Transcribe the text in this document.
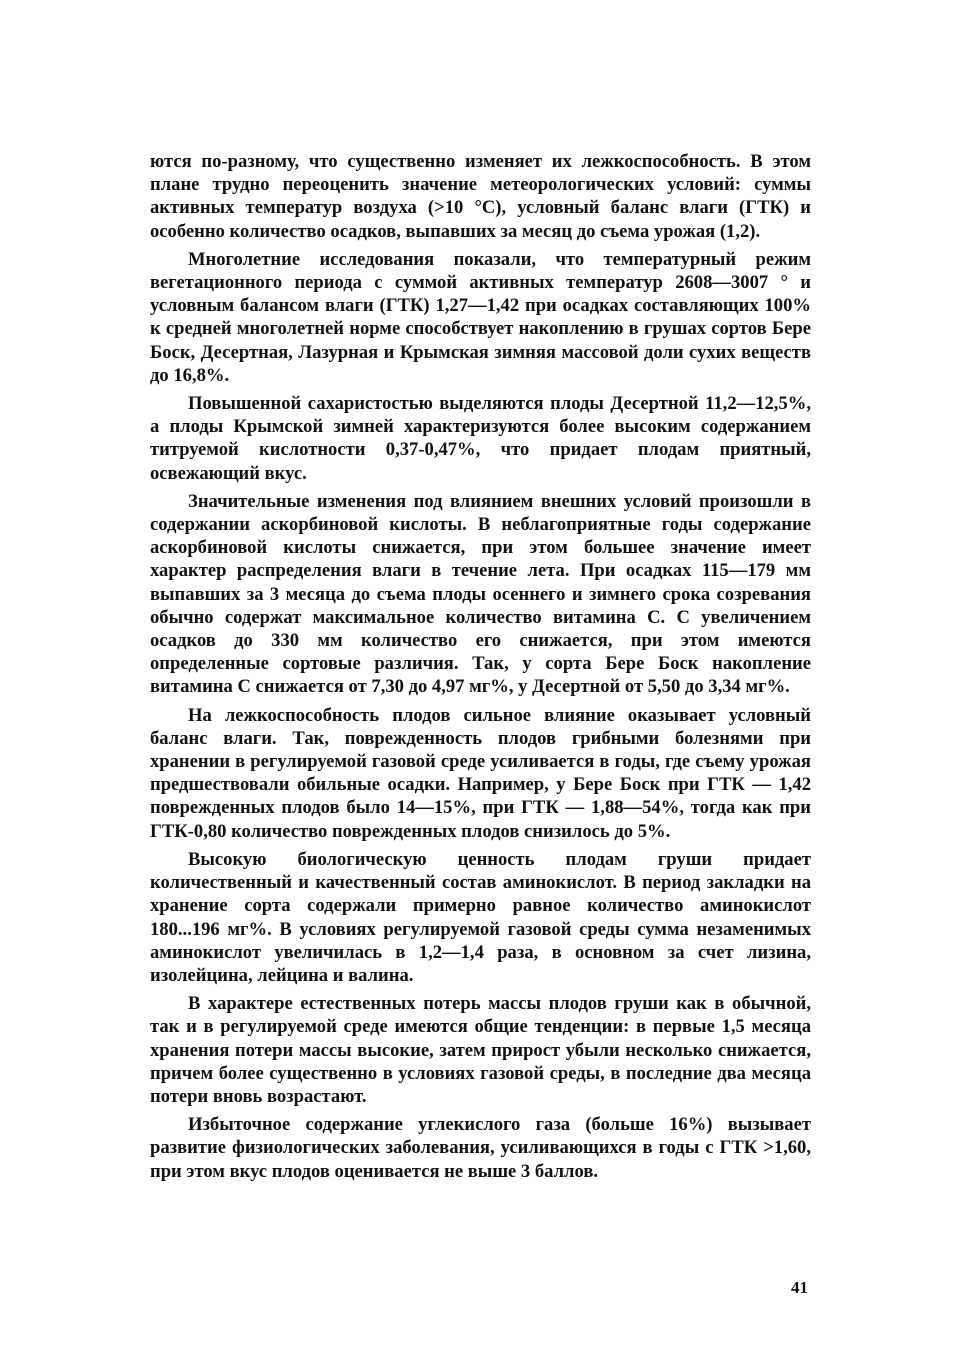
ются по-разному, что существенно изменяет их лежкоспособность. В этом плане трудно переоценить значение метеорологических условий: суммы активных температур воздуха (>10 °С), условный баланс влаги (ГТК) и особенно количество осадков, выпавших за месяц до съема урожая (1,2).

Многолетние исследования показали, что температурный режим вегетационного периода с суммой активных температур 2608—3007 ° и условным балансом влаги (ГТК) 1,27—1,42 при осадках составляющих 100% к средней многолетней норме способствует накоплению в грушах сортов Бере Боск, Десертная, Лазурная и Крымская зимняя массовой доли сухих веществ до 16,8%.

Повышенной сахаристостью выделяются плоды Десертной 11,2—12,5%, а плоды Крымской зимней характеризуются более высоким содержанием титруемой кислотности 0,37-0,47%, что придает плодам приятный, освежающий вкус.

Значительные изменения под влиянием внешних условий произошли в содержании аскорбиновой кислоты. В неблагоприятные годы содержание аскорбиновой кислоты снижается, при этом большее значение имеет характер распределения влаги в течение лета. При осадках 115—179 мм выпавших за 3 месяца до съема плоды осеннего и зимнего срока созревания обычно содержат максимальное количество витамина С. С увеличением осадков до 330 мм количество его снижается, при этом имеются определенные сортовые различия. Так, у сорта Бере Боск накопление витамина С снижается от 7,30 до 4,97 мг%, у Десертной от 5,50 до 3,34 мг%.

На лежкоспособность плодов сильное влияние оказывает условный баланс влаги. Так, поврежденность плодов грибными болезнями при хранении в регулируемой газовой среде усиливается в годы, где съему урожая предшествовали обильные осадки. Например, у Бере Боск при ГТК — 1,42 поврежденных плодов было 14—15%, при ГТК — 1,88—54%, тогда как при ГТК-0,80 количество поврежденных плодов снизилось до 5%.

Высокую биологическую ценность плодам груши придает количественный и качественный состав аминокислот. В период закладки на хранение сорта содержали примерно равное количество аминокислот 180...196 мг%. В условиях регулируемой газовой среды сумма незаменимых аминокислот увеличилась в 1,2—1,4 раза, в основном за счет лизина, изолейцина, лейцина и валина.

В характере естественных потерь массы плодов груши как в обычной, так и в регулируемой среде имеются общие тенденции: в первые 1,5 месяца хранения потери массы высокие, затем прирост убыли несколько снижается, причем более существенно в условиях газовой среды, в последние два месяца потери вновь возрастают.

Избыточное содержание углекислого газа (больше 16%) вызывает развитие физиологических заболевания, усиливающихся в годы с ГТК >1,60, при этом вкус плодов оценивается не выше 3 баллов.

41
